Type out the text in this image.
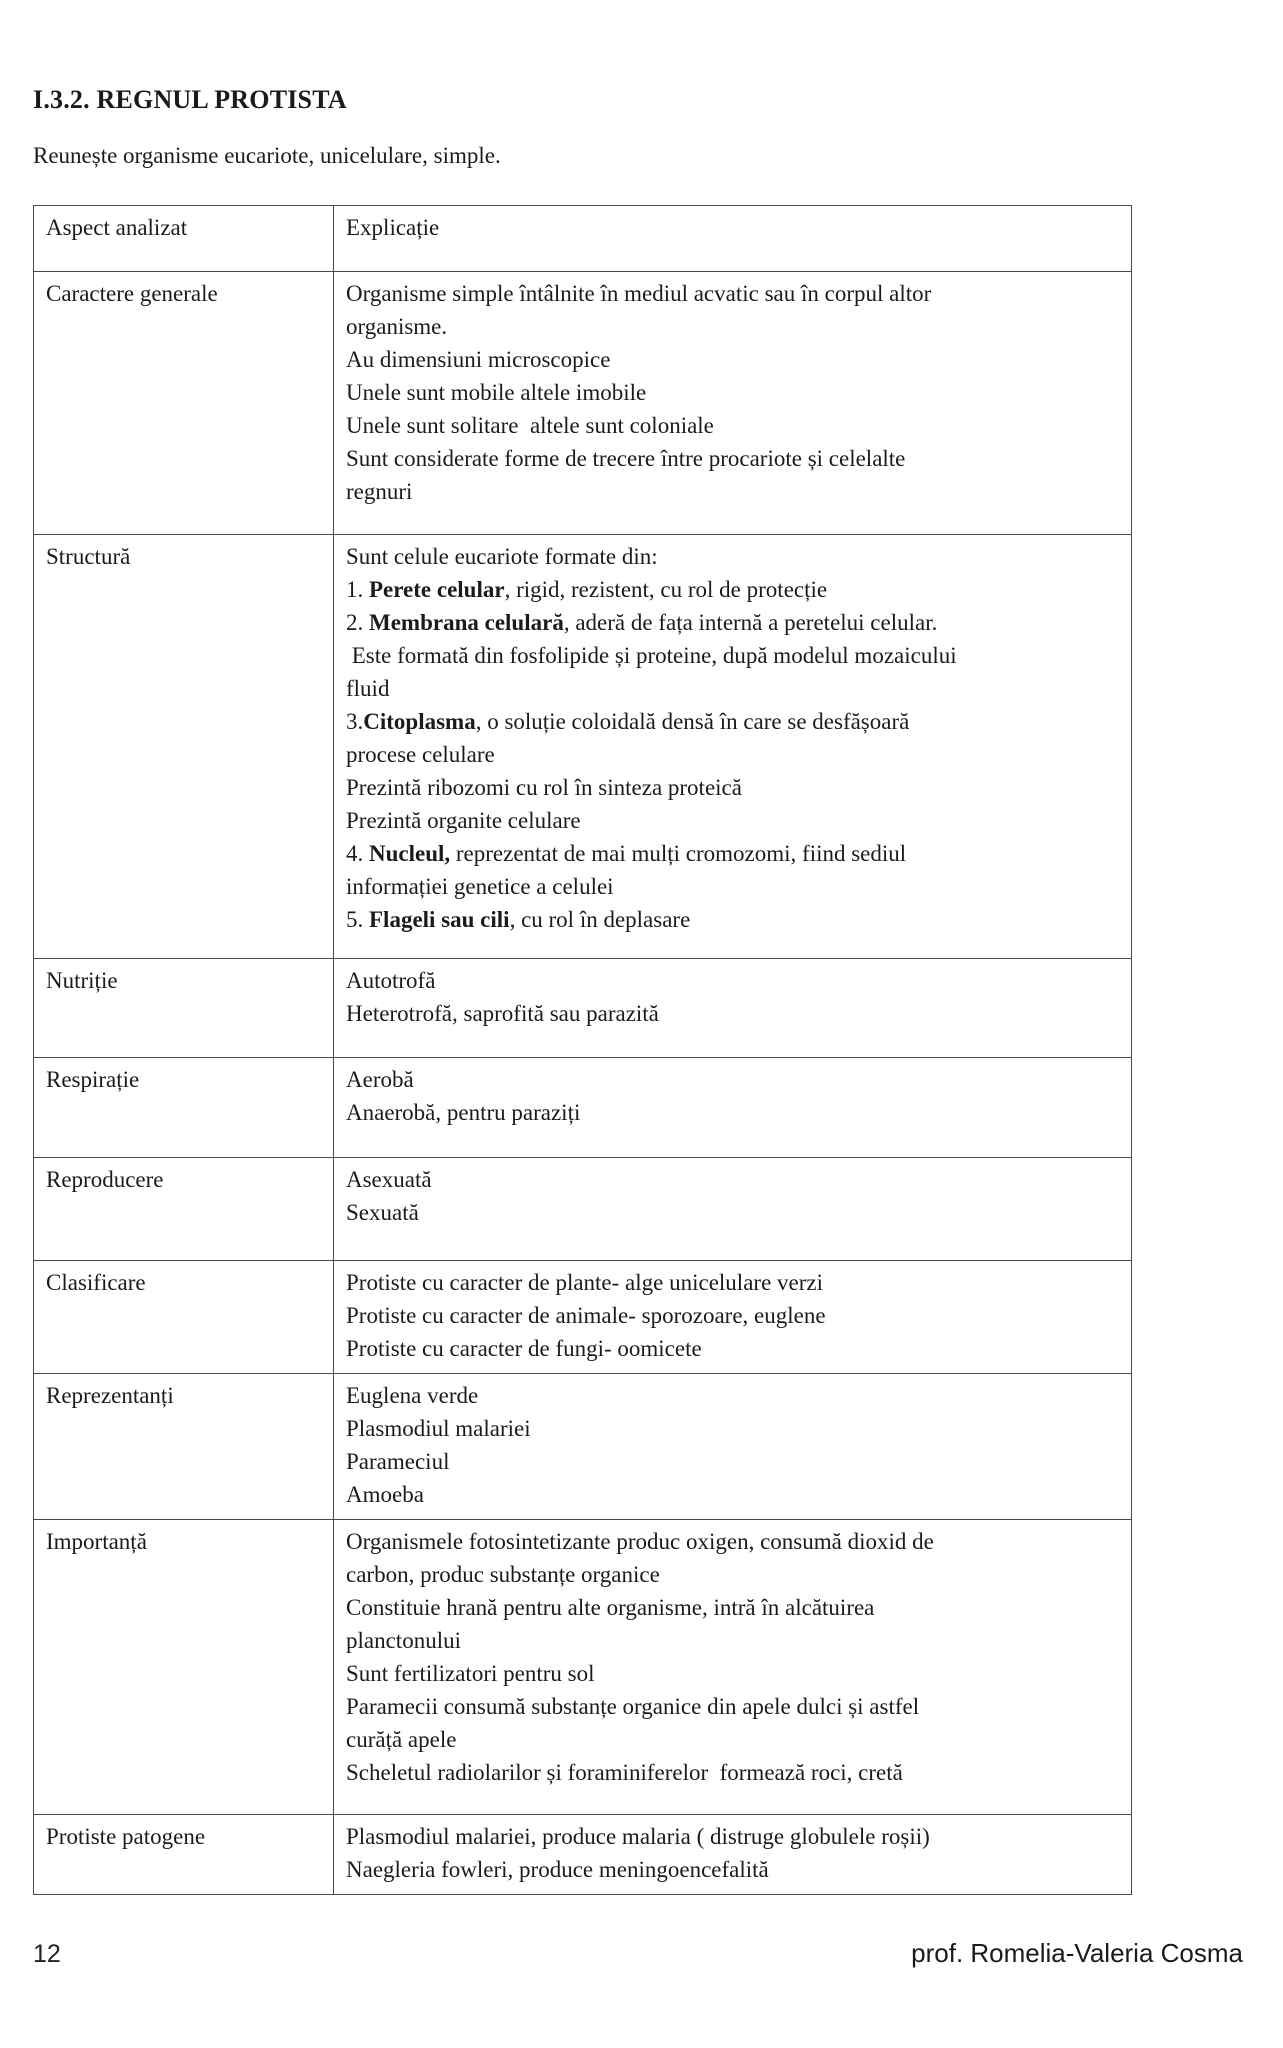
I.3.2. REGNUL PROTISTA

Reunește organisme eucariote, unicelulare, simple.

Aspect analizat	Explicație
Caractere generale	Organisme simple întâlnite în mediul acvatic sau în corpul altor
organisme.
Au dimensiuni microscopice
Unele sunt mobile altele imobile
Unele sunt solitare  altele sunt coloniale
Sunt considerate forme de trecere între procariote și celelalte
regnuri

Structură	Sunt celule eucariote formate din:
1. Perete celular, rigid, rezistent, cu rol de protecție
2. Membrana celulară, aderă de fața internă a peretelui celular.
Este formată din fosfolipide și proteine, după modelul mozaicului
fluid
3.Citoplasma, o soluție coloidală densă în care se desfășoară
procese celulare
Prezintă ribozomi cu rol în sinteza proteică
Prezintă organite celulare
4. Nucleul, reprezentat de mai mulți cromozomi, fiind sediul
informației genetice a celulei
5. Flageli sau cili, cu rol în deplasare

Nutriție	Autotrofă
Heterotrofă, saprofită sau parazită

Respirație	Aerobă
Anaerobă, pentru paraziți

Reproducere	Asexuată
Sexuată

Clasificare	Protiste cu caracter de plante- alge unicelulare verzi
Protiste cu caracter de animale- sporozoare, euglene
Protiste cu caracter de fungi- oomicete

Reprezentanți	Euglena verde
Plasmodiul malariei
Parameciul
Amoeba

Importanță	Organismele fotosintetizante produc oxigen, consumă dioxid de
carbon, produc substanțe organice
Constituie hrană pentru alte organisme, intră în alcătuirea
planctonului
Sunt fertilizatori pentru sol
Paramecii consumă substanțe organice din apele dulci și astfel
curăță apele
Scheletul radiolarilor și foraminiferelor  formează roci, cretă

Protiste patogene	Plasmodiul malariei, produce malaria ( distruge globulele roșii)
Naegleria fowleri, produce meningoencefalită
12	prof. Romelia-Valeria Cosma
